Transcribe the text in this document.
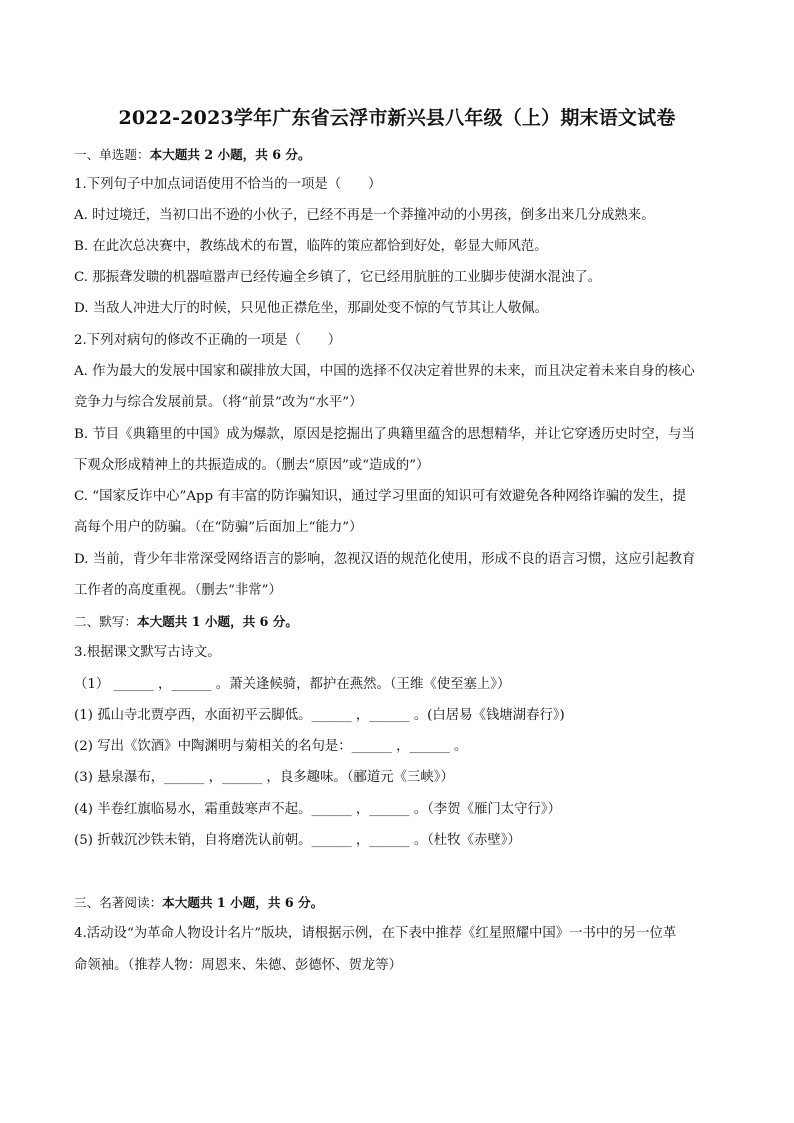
2022-2023学年广东省云浮市新兴县八年级（上）期末语文试卷
一、单选题：本大题共 2 小题，共 6 分。
1.下列句子中加点词语使用不恰当的一项是（　　）
A. 时过境迁，当初口出不逊的小伙子，已经不再是一个莽撞冲动的小男孩，倒多出来几分成熟来。
B. 在此次总决赛中，教练战术的布置，临阵的策应都恰到好处，彰显大师风范。
C. 那振聋发聩的机器喧嚣声已经传遍全乡镇了，它已经用肮脏的工业脚步使湖水混浊了。
D. 当敌人冲进大厅的时候，只见他正襟危坐，那副处变不惊的气节其让人敬佩。
2.下列对病句的修改不正确的一项是（　　）
A. 作为最大的发展中国家和碳排放大国，中国的选择不仅决定着世界的未来，而且决定着未来自身的核心
竞争力与综合发展前景。（将“前景”改为“水平”）
B. 节目《典籍里的中国》成为爆款，原因是挖掘出了典籍里蕴含的思想精华，并让它穿透历史时空，与当
下观众形成精神上的共振造成的。（删去“原因”或“造成的”）
C. “国家反诈中心”App 有丰富的防诈骗知识，通过学习里面的知识可有效避免各种网络诈骗的发生，提
高每个用户的防骗。（在“防骗”后面加上“能力”）
D. 当前，背少年非常深受网络语言的影响，忽视汉语的规范化使用，形成不良的语言习惯，这应引起教育
工作者的高度重视。（删去“非常”）
二、默写：本大题共 1 小题，共 6 分。
3.根据课文默写古诗文。
（1） ______ ，______ 。萧关逢候骑，都护在燕然。（王维《使至塞上》）
(1) 孤山寺北贾亭西，水面初平云脚低。______ ，______ 。(白居易《钱塘湖春行》)
(2) 写出《饮酒》中陶渊明与菊相关的名句是：______ ，______ 。
(3) 悬泉瀑布，______ ，______ ，良多趣味。（郦道元《三峡》）
(4) 半卷红旗临易水，霜重鼓寒声不起。______ ，______ 。（李贺《雁门太守行》）
(5) 折戟沉沙铁未销，自将磨洗认前朝。______ ，______ 。（杜牧《赤壁》）
三、名著阅读：本大题共 1 小题，共 6 分。
4.活动设“为革命人物设计名片”版块，请根据示例，在下表中推荐《红星照耀中国》一书中的另一位革
命领袖。（推荐人物：周恩来、朱德、彭德怀、贺龙等）
